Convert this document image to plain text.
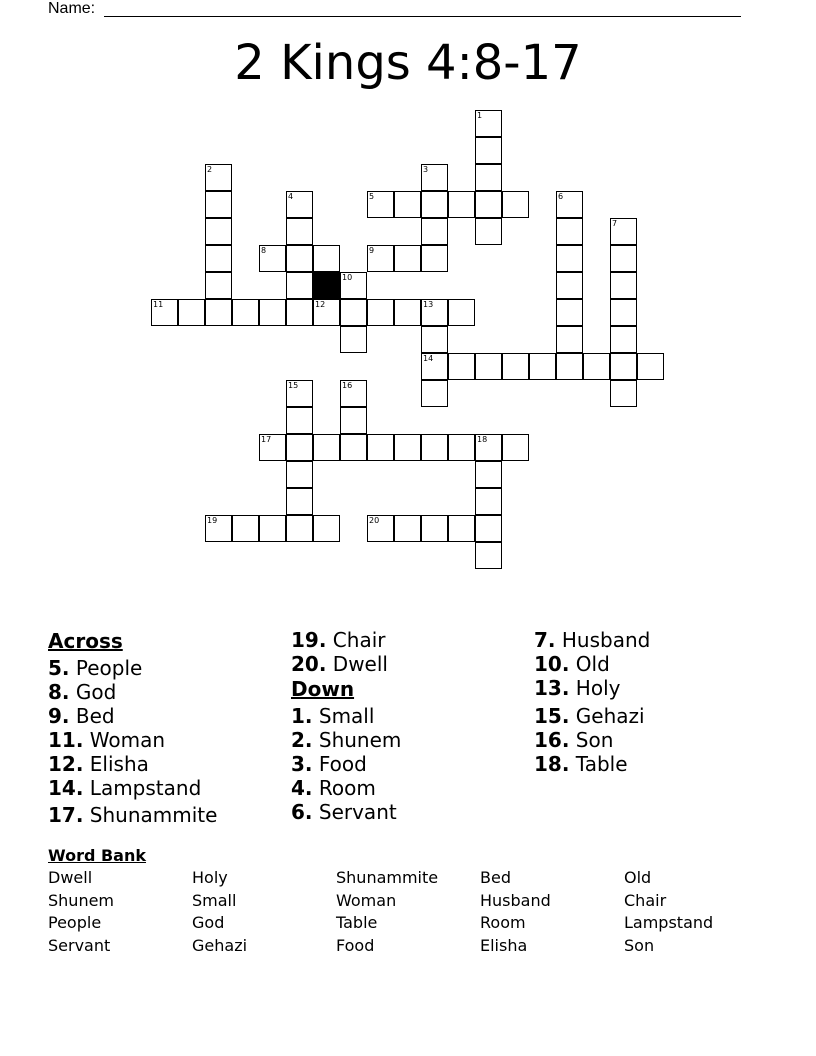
Name:
2 Kings 4:8-17
1
2	3
4	5	6
7
8	9
10
11	12	13
14
15	16
17	18
19	20
Across
5. People
8. God
9. Bed
11. Woman
12. Elisha
14. Lampstand
17. Shunammite
19. Chair
20. Dwell
Down
1. Small
2. Shunem
3. Food
4. Room
6. Servant
7. Husband
10. Old
13. Holy
15. Gehazi
16. Son
18. Table
Word Bank
Dwell	Holy	Shunammite	Bed	Old
Shunem	Small	Woman	Husband	Chair
People	God	Table	Room	Lampstand
Servant	Gehazi	Food	Elisha	Son
